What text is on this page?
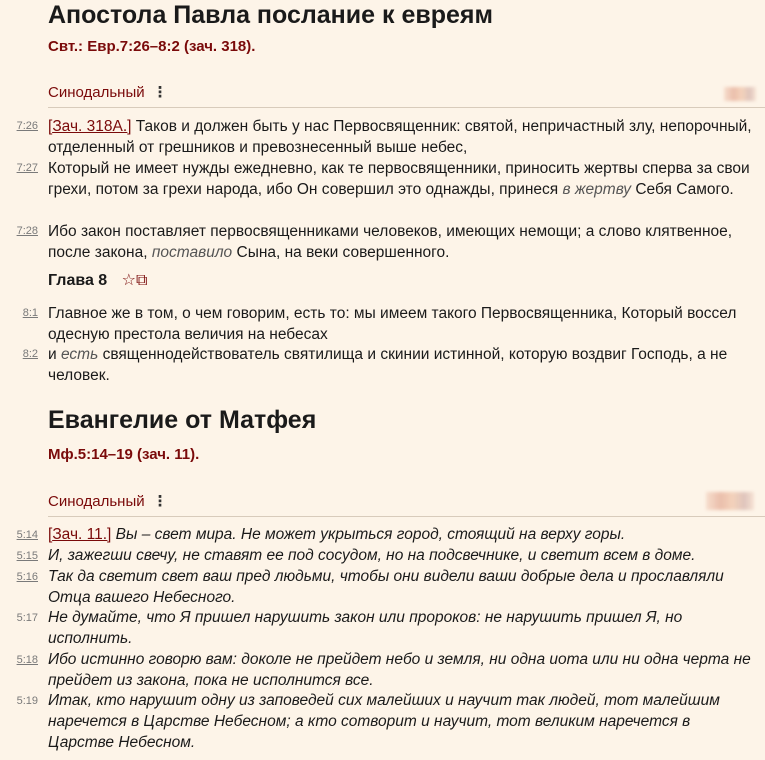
Апостола Павла послание к евреям
Свт.: Евр.7:26–8:2 (зач. 318).
Синодальный ⋮
7:26 [Зач. 318А.] Таков и должен быть у нас Первосвященник: святой, непричастный злу, непорочный, отделенный от грешников и превознесенный выше небес,

7:27 Который не имеет нужды ежедневно, как те первосвященники, приносить жертвы сперва за свои грехи, потом за грехи народа, ибо Он совершил это однажды, принеся в жертву Себя Самого.

7:28 Ибо закон поставляет первосвященниками человеков, имеющих немощи; а слово клятвенное, после закона, поставило Сына, на веки совершенного.

Глава 8 ☆⧉
8:1 Главное же в том, о чем говорим, есть то: мы имеем такого Первосвященника, Который воссел одесную престола величия на небесах

8:2 и есть священнодействователь святилища и скинии истинной, которую воздвиг Господь, а не человек.

Евангелие от Матфея
Мф.5:14–19 (зач. 11).
Синодальный ⋮
5:14 [Зач. 11.] Вы – свет мира. Не может укрыться город, стоящий на верху горы.

5:15 И, зажегши свечу, не ставят ее под сосудом, но на подсвечнике, и светит всем в доме.

5:16 Так да светит свет ваш пред людьми, чтобы они видели ваши добрые дела и прославляли Отца вашего Небесного.

5:17 Не думайте, что Я пришел нарушить закон или пророков: не нарушить пришел Я, но исполнить.

5:18 Ибо истинно говорю вам: доколе не прейдет небо и земля, ни одна иота или ни одна черта не прейдет из закона, пока не исполнится все.

5:19 Итак, кто нарушит одну из заповедей сих малейших и научит так людей, тот малейшим наречется в Царстве Небесном; а кто сотворит и научит, тот великим наречется в Царстве Небесном.
